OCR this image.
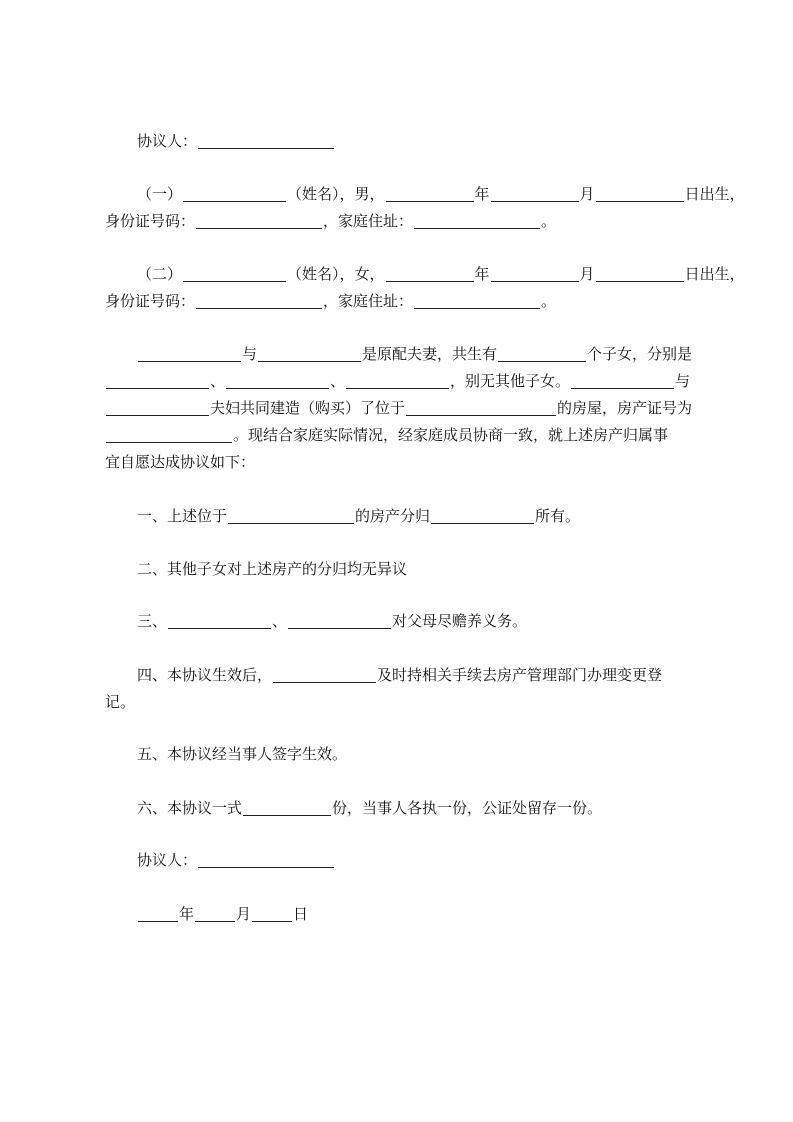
协议人：
（一）	（姓名），男，	年	月	日出生，
身份证号码：	，家庭住址：	。
（二）	（姓名），女，	年	月	日出生，
身份证号码：	，家庭住址：	。
与	是原配夫妻，共生有	个子女，分别是
、	、	，别无其他子女。	与
夫妇共同建造（购买）了位于	的房屋，房产证号为
。现结合家庭实际情况，经家庭成员协商一致，就上述房产归属事
宜自愿达成协议如下：
一、上述位于	的房产分归	所有。
二、其他子女对上述房产的分归均无异议
三、	、	对父母尽赡养义务。
四、本协议生效后，	及时持相关手续去房产管理部门办理变更登
记。
五、本协议经当事人签字生效。
六、本协议一式	份，当事人各执一份，公证处留存一份。
协议人：
年	月	日
